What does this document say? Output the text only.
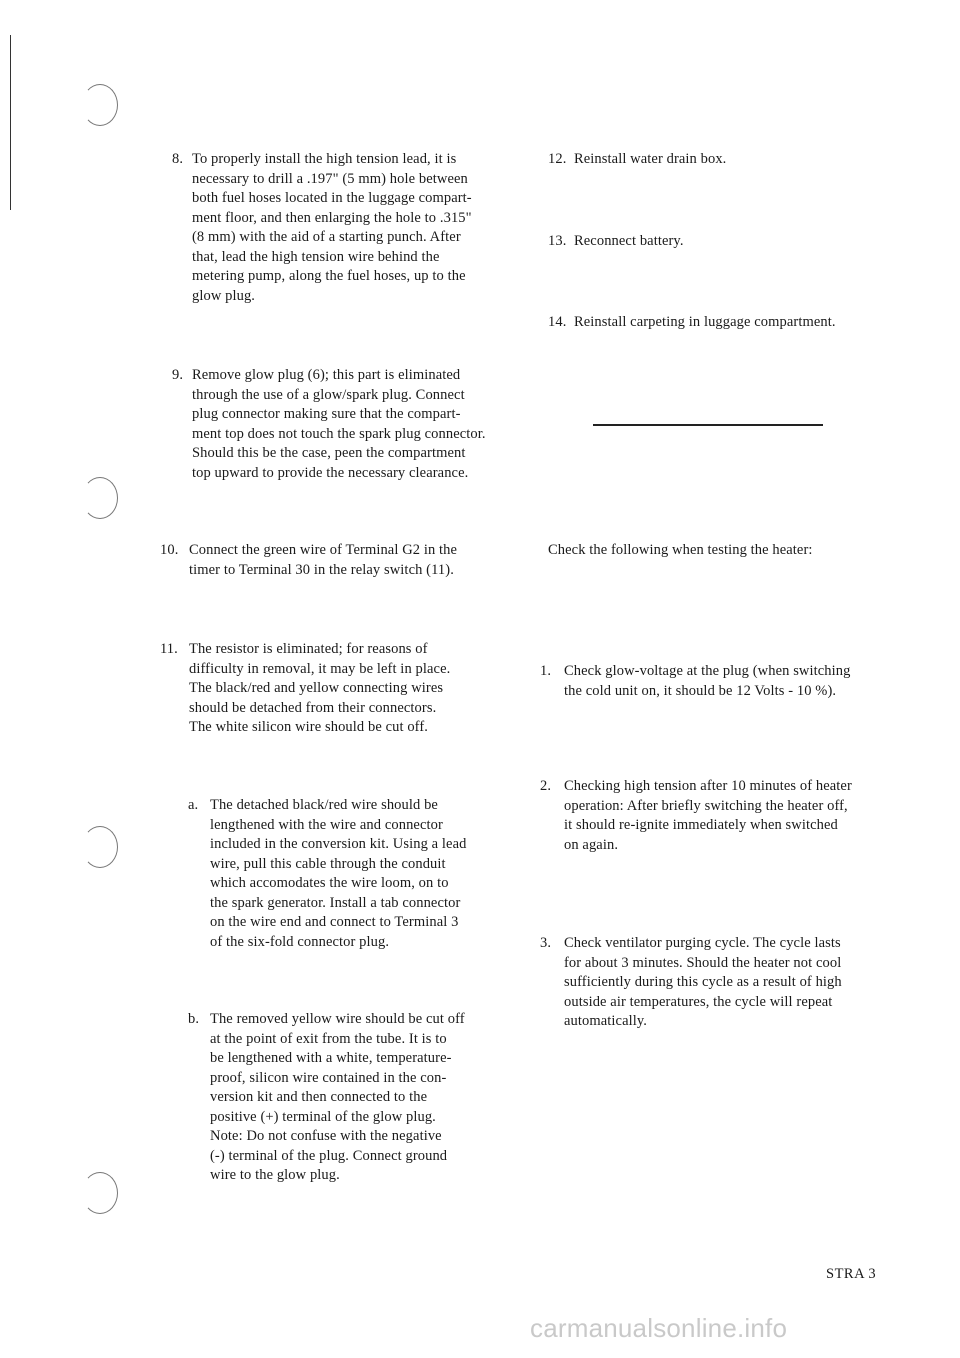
8. To properly install the high tension lead, it is
necessary to drill a .197" (5 mm) hole between
both fuel hoses located in the luggage compart-
ment floor, and then enlarging the hole to .315"
(8 mm) with the aid of a starting punch. After
that, lead the high tension wire behind the
metering pump, along the fuel hoses, up to the
glow plug.
9. Remove glow plug (6); this part is eliminated
through the use of a glow/spark plug. Connect
plug connector making sure that the compart-
ment top does not touch the spark plug connector.
Should this be the case, peen the compartment
top upward to provide the necessary clearance.
10. Connect the green wire of Terminal G2 in the
timer to Terminal 30 in the relay switch (11).
11. The resistor is eliminated; for reasons of
difficulty in removal, it may be left in place.
The black/red and yellow connecting wires
should be detached from their connectors.
The white silicon wire should be cut off.
a. The detached black/red wire should be
lengthened with the wire and connector
included in the conversion kit. Using a lead
wire, pull this cable through the conduit
which accomodates the wire loom, on to
the spark generator. Install a tab connector
on the wire end and connect to Terminal 3
of the six-fold connector plug.
b. The removed yellow wire should be cut off
at the point of exit from the tube. It is to
be lengthened with a white, temperature-
proof, silicon wire contained in the con-
version kit and then connected to the
positive (+) terminal of the glow plug.
Note: Do not confuse with the negative
(-) terminal of the plug. Connect ground
wire to the glow plug.
12. Reinstall water drain box.
13. Reconnect battery.
14. Reinstall carpeting in luggage compartment.
Check the following when testing the heater:
1. Check glow-voltage at the plug (when switching
the cold unit on, it should be 12 Volts - 10 %).
2. Checking high tension after 10 minutes of heater
operation: After briefly switching the heater off,
it should re-ignite immediately when switched
on again.
3. Check ventilator purging cycle. The cycle lasts
for about 3 minutes. Should the heater not cool
sufficiently during this cycle as a result of high
outside air temperatures, the cycle will repeat
automatically.
STRA 3
carmanualsonline.info
